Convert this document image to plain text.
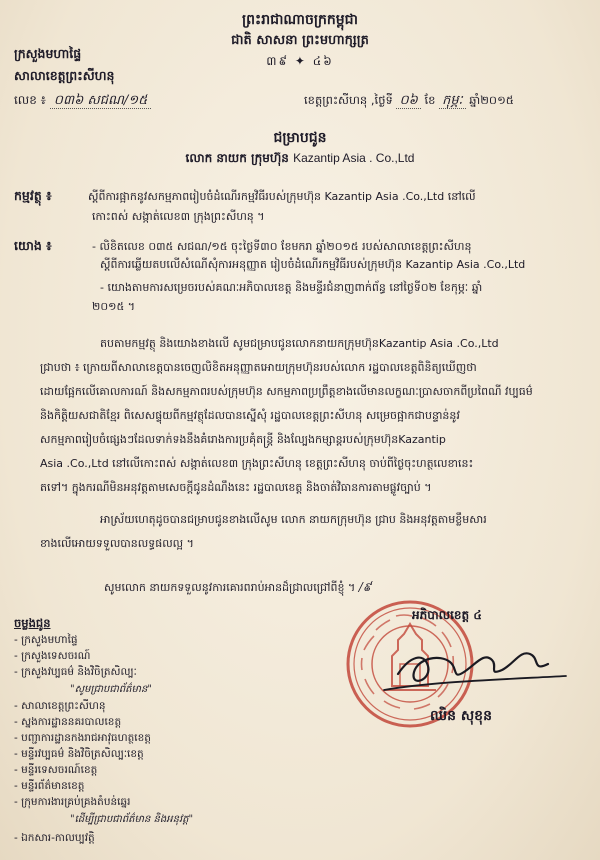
ព្រះរាជាណាចក្រកម្ពុជា
ជាតិ សាសនា ព្រះមហាក្សត្រ
៣៩ ✦ ៤៦
ក្រសួងមហាផ្ទៃ
សាលាខេត្តព្រះសីហនុ
លេខ ៖ ០៣៦ សជណ/១៥	ខេត្តព្រះសីហនុ ,ថ្ងៃទី ០៦ ខែ កុម្ភៈ ឆ្នាំ២០១៥
ជម្រាបជូន
លោក នាយក ក្រុមហ៊ុន Kazantip Asia . Co.,Ltd
កម្មវត្ថុ ៖	ស្តីពីការផ្អាកនូវសកម្មភាពរៀបចំដំណើរកម្មវិធីរបស់ក្រុមហ៊ុន Kazantip Asia .Co.,Ltd នៅលើ
កោះពស់ សង្កាត់លេខ៣ ក្រុងព្រះសីហនុ ។
យោង ៖	- លិខិតលេខ ០៣៥ សជណ/១៥ ចុះថ្ងៃទី៣០ ខែមករា ឆ្នាំ២០១៥ របស់សាលាខេត្តព្រះសីហនុ
ស្តីពីការឆ្លើយតបលើសំណើសុំការអនុញ្ញាត រៀបចំដំណើរកម្មវិធីរបស់ក្រុមហ៊ុន Kazantip Asia .Co.,Ltd
- យោងតាមការសម្រេចរបស់គណៈអភិបាលខេត្ត និងមន្ទីរជំនាញពាក់ព័ន្ធ នៅថ្ងៃទី០២ ខែកុម្ភៈ ឆ្នាំ
២០១៥ ។
តបតាមកម្មវត្ថុ និងយោងខាងលើ សូមជម្រាបជូនលោកនាយកក្រុមហ៊ុនKazantip Asia .Co.,Ltd
ជ្រាបថា ៖ ក្រោយពីសាលាខេត្តបានចេញលិខិតអនុញ្ញាតអោយក្រុមហ៊ុនរបស់លោក រដ្ឋបាលខេត្តពិនិត្យឃើញថា
ដោយផ្អែកលើគោលការណ៍ និងសកម្មភាពរបស់ក្រុមហ៊ុន សកម្មភាពប្រព្រឹត្តខាងលើមានលក្ខណៈប្រាសចាកពីប្រពៃណី វប្បធម៌
និងកិត្តិយសជាតិខ្មែរ ពិសេសផ្ទុយពីកម្មវត្ថុដែលបានស្នើសុំ រដ្ឋបាលខេត្តព្រះសីហនុ សម្រេចផ្អាកជាបន្ទាន់នូវ
សកម្មភាពរៀបចំផ្សេងៗដែលទាក់ទងនឹងគំរោងការប្រគុំតន្ត្រី និងល្បែងកម្សាន្តរបស់ក្រុមហ៊ុនKazantip
Asia .Co.,Ltd នៅលើកោះពស់ សង្កាត់លេខ៣ ក្រុងព្រះសីហនុ ខេត្តព្រះសីហនុ ចាប់ពីថ្ងៃចុះហត្ថលេខានេះ
តទៅ។ ក្នុងករណីមិនអនុវត្តតាមសេចក្តីជូនដំណឹងនេះ រដ្ឋបាលខេត្ត និងចាត់វិធានការតាមផ្លូវច្បាប់ ។
អាស្រ័យហេតុដូចបានជម្រាបជូនខាងលើសូម លោក នាយកក្រុមហ៊ុន ជ្រាប និងអនុវត្តតាមខ្លឹមសារ
ខាងលើអោយទទួលបានលទ្ធផលល្អ ។
សូមលោក នាយកទទួលនូវការគោរពរាប់អានដ៏ជ្រាលជ្រៅពីខ្ញុំ ។ /៩
អភិបាលខេត្ត ៤
ឈិន សុខុន
ចម្លងជូន
- ក្រសួងមហាផ្ទៃ
- ក្រសួងទេសចរណ៍
- ក្រសួងវប្បធម៌ និងវិចិត្រសិល្បៈ
"សូមជ្រាបជាព័ត៌មាន"
- សាលាខេត្តព្រះសីហនុ
- ស្នងការដ្ឋាននគរបាលខេត្ត
- បញ្ជាការដ្ឋានកងរាជអាវុធហត្ថខេត្ត
- មន្ទីរវប្បធម៌ និងវិចិត្រសិល្បៈខេត្ត
- មន្ទីរទេសចរណ៍ខេត្ត
- មន្ទីរព័ត៌មានខេត្ត
- ក្រុមការងារគ្រប់គ្រងតំបន់ឆ្នេរ
"ដើម្បីជ្រាបជាព័ត៌មាន និងអនុវត្ត"
- ឯកសារ-កាលប្បវត្តិ
